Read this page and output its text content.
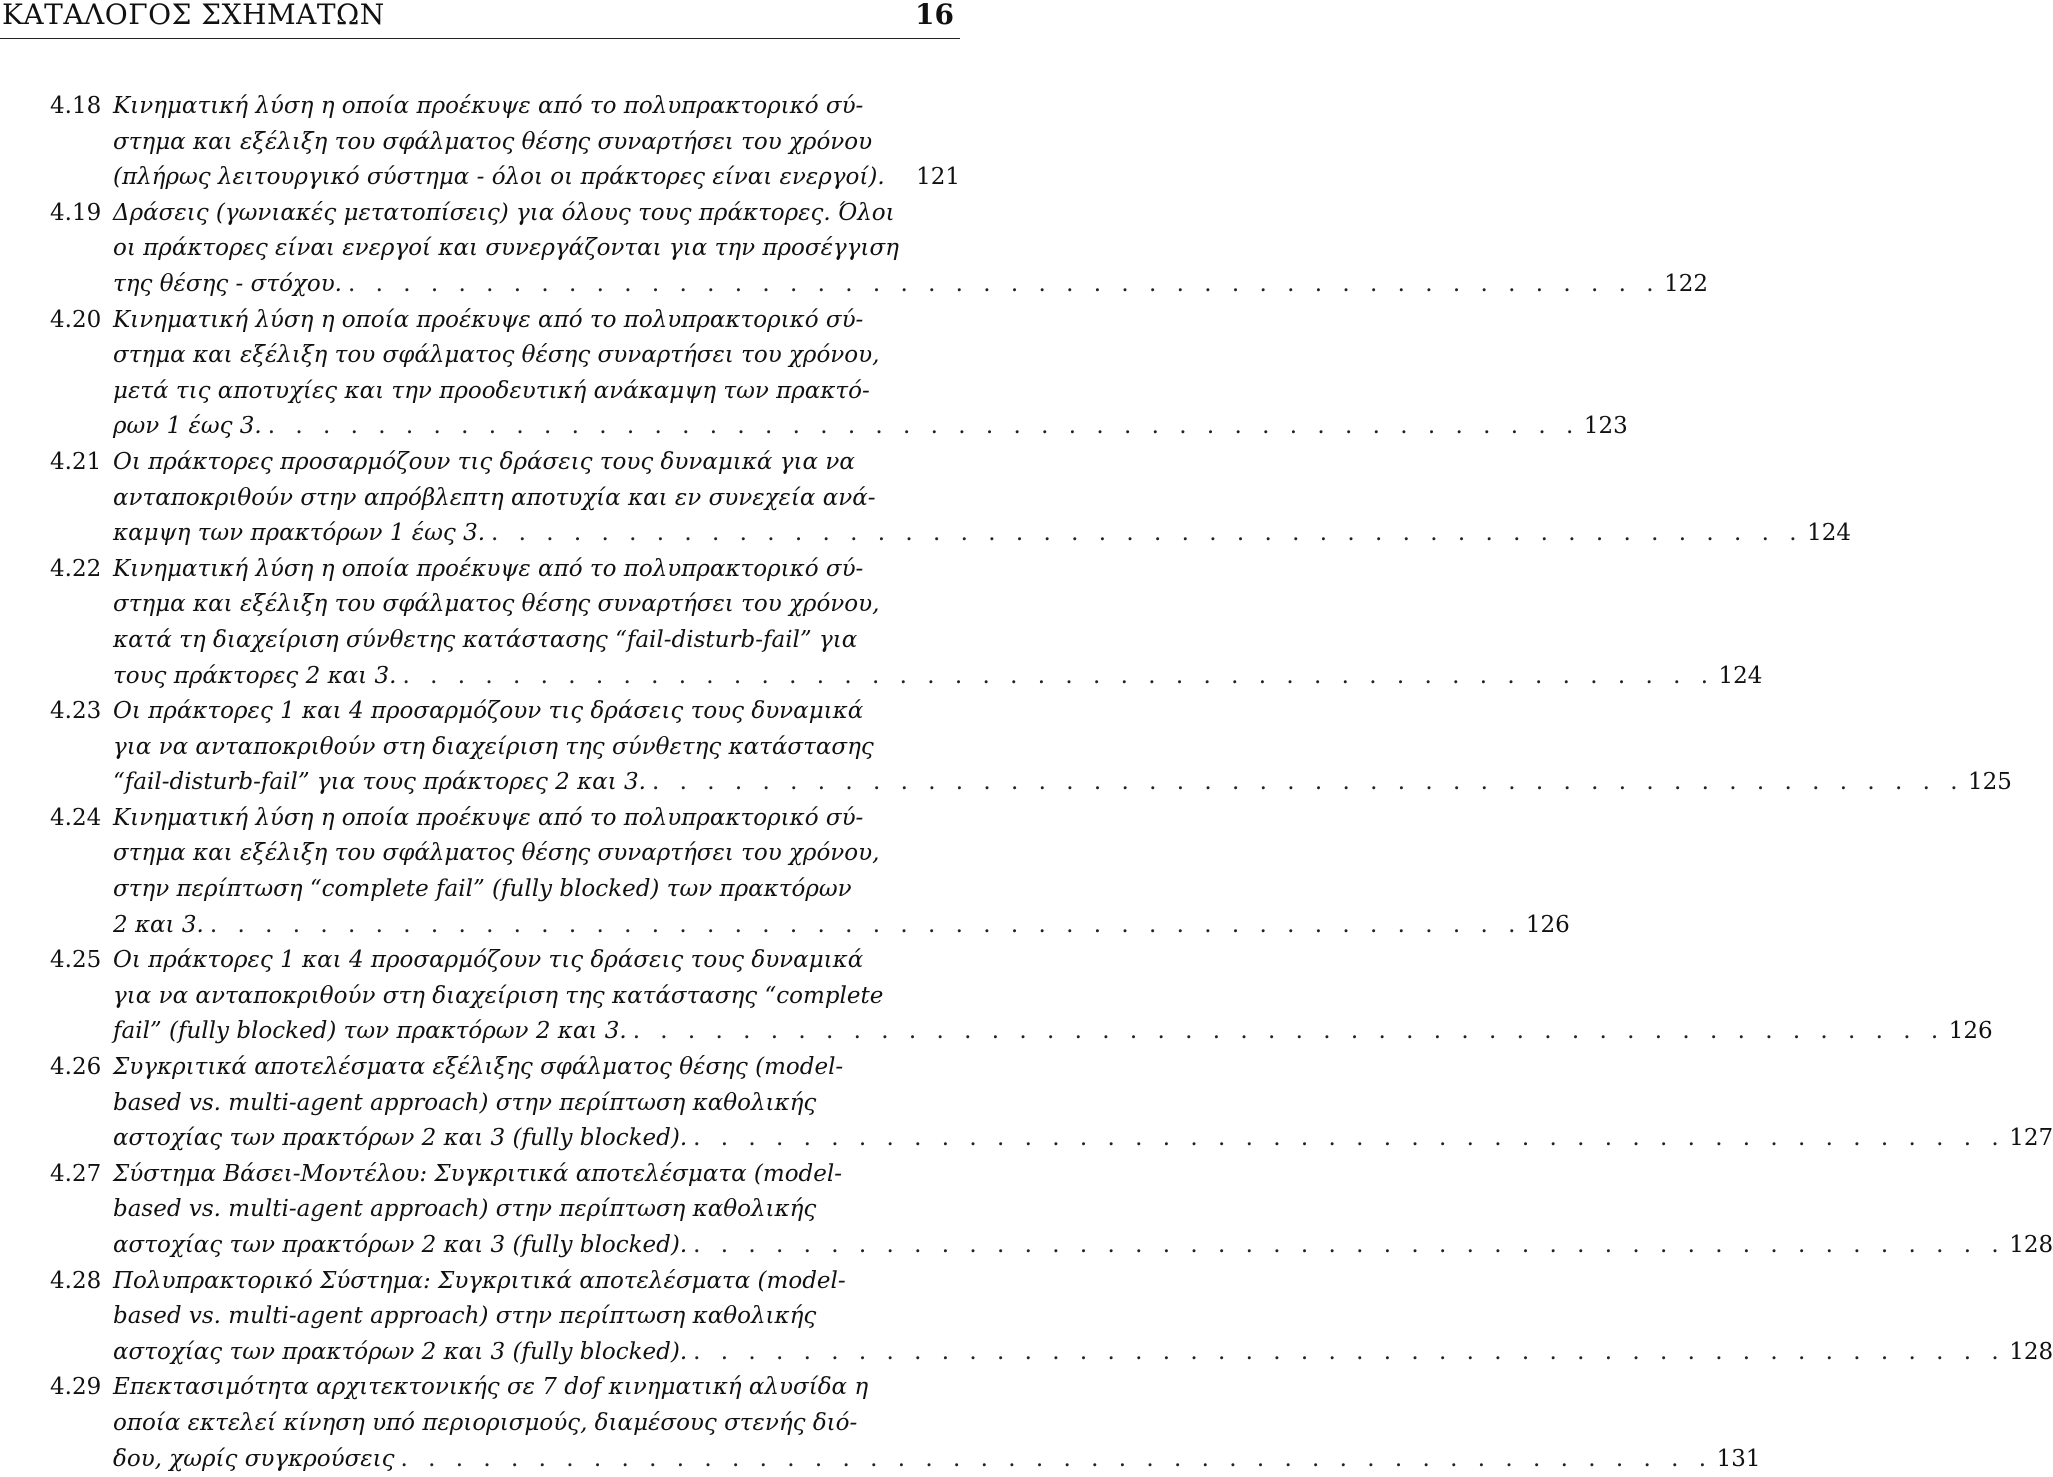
ΚΑΤΑΛΟΓΟΣ ΣΧΗΜΑΤΩΝ	16
4.18 Κινηματική λύση η οποία προέκυψε από το πολυπρακτορικό σύ-
στημα και εξέλιξη του σφάλματος θέσης συναρτήσει του χρόνου
(πλήρως λειτουργικό σύστημα - όλοι οι πράκτορες είναι ενεργοί). 121
4.19 Δράσεις (γωνιακές μετατοπίσεις) για όλους τους πράκτορες. Όλοι
οι πράκτορες είναι ενεργοί και συνεργάζονται για την προσέγγιση
της θέσης - στόχου. . . . . . . . . . . . . . . . . . . . . . . . . . . . . . . . . . . . . . . . . . . . . . . . . 122
4.20 Κινηματική λύση η οποία προέκυψε από το πολυπρακτορικό σύ-
στημα και εξέλιξη του σφάλματος θέσης συναρτήσει του χρόνου,
μετά τις αποτυχίες και την προοδευτική ανάκαμψη των πρακτό-
ρων 1 έως 3. . . . . . . . . . . . . . . . . . . . . . . . . . . . . . . . . . . . . . . . . . . . . . . . . 123
4.21 Οι πράκτορες προσαρμόζουν τις δράσεις τους δυναμικά για να
ανταποκριθούν στην απρόβλεπτη αποτυχία και εν συνεχεία ανά-
καμψη των πρακτόρων 1 έως 3. . . . . . . . . . . . . . . . . . . . . . . . . . . . . . . . . . . . . . . . . . . . . . . . . 124
4.22 Κινηματική λύση η οποία προέκυψε από το πολυπρακτορικό σύ-
στημα και εξέλιξη του σφάλματος θέσης συναρτήσει του χρόνου,
κατά τη διαχείριση σύνθετης κατάστασης “fail-disturb-fail” για
τους πράκτορες 2 και 3. . . . . . . . . . . . . . . . . . . . . . . . . . . . . . . . . . . . . . . . . . . . . . . . . 124
4.23 Οι πράκτορες 1 και 4 προσαρμόζουν τις δράσεις τους δυναμικά
για να ανταποκριθούν στη διαχείριση της σύνθετης κατάστασης
“fail-disturb-fail” για τους πράκτορες 2 και 3. . . . . . . . . . . . . . . . . . . . . . . . . . . . . . . . . . . . . . . . . . . . . . . . . 125
4.24 Κινηματική λύση η οποία προέκυψε από το πολυπρακτορικό σύ-
στημα και εξέλιξη του σφάλματος θέσης συναρτήσει του χρόνου,
στην περίπτωση “complete fail” (fully blocked) των πρακτόρων
2 και 3. . . . . . . . . . . . . . . . . . . . . . . . . . . . . . . . . . . . . . . . . . . . . . . . . 126
4.25 Οι πράκτορες 1 και 4 προσαρμόζουν τις δράσεις τους δυναμικά
για να ανταποκριθούν στη διαχείριση της κατάστασης “complete
fail” (fully blocked) των πρακτόρων 2 και 3. . . . . . . . . . . . . . . . . . . . . . . . . . . . . . . . . . . . . . . . . . . . . . . . . 126
4.26 Συγκριτικά αποτελέσματα εξέλιξης σφάλματος θέσης (model-
based vs. multi-agent approach) στην περίπτωση καθολικής
αστοχίας των πρακτόρων 2 και 3 (fully blocked). . . . . . . . . . . . . . . . . . . . . . . . . . . . . . . . . . . . . . . . . . . . . . . . . 127
4.27 Σύστημα Βάσει-Μοντέλου: Συγκριτικά αποτελέσματα (model-
based vs. multi-agent approach) στην περίπτωση καθολικής
αστοχίας των πρακτόρων 2 και 3 (fully blocked). . . . . . . . . . . . . . . . . . . . . . . . . . . . . . . . . . . . . . . . . . . . . . . . . 128
4.28 Πολυπρακτορικό Σύστημα: Συγκριτικά αποτελέσματα (model-
based vs. multi-agent approach) στην περίπτωση καθολικής
αστοχίας των πρακτόρων 2 και 3 (fully blocked). . . . . . . . . . . . . . . . . . . . . . . . . . . . . . . . . . . . . . . . . . . . . . . . . 128
4.29 Επεκτασιμότητα αρχιτεκτονικής σε 7 dof κινηματική αλυσίδα η
οποία εκτελεί κίνηση υπό περιορισμούς, διαμέσους στενής διό-
δου, χωρίς συγκρούσεις . . . . . . . . . . . . . . . . . . . . . . . . . . . . . . . . . . . . . . . . . . . . . . . . 131
